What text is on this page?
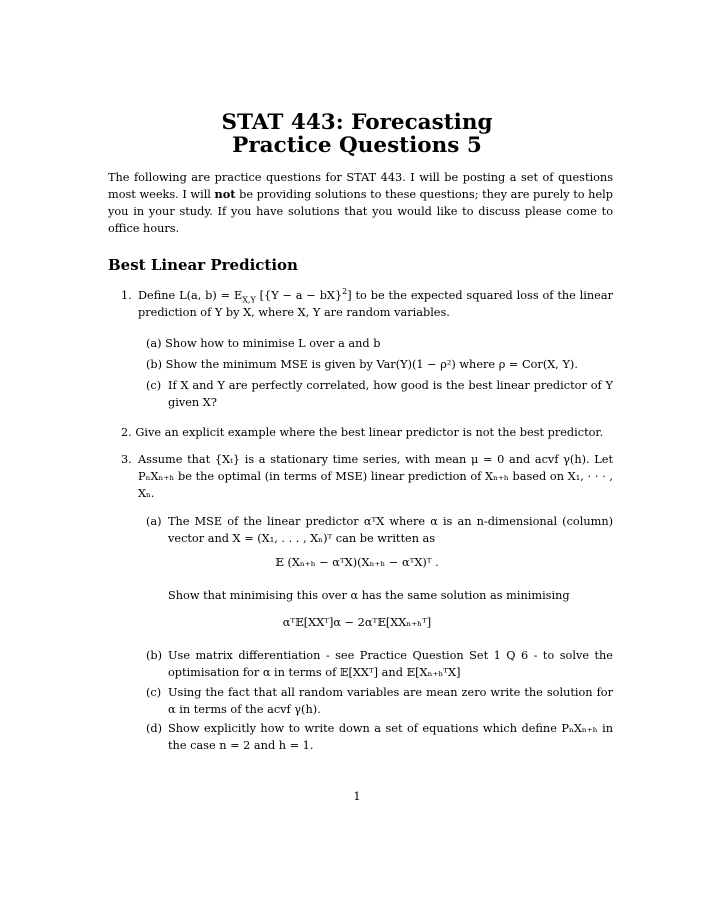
STAT 443: Forecasting
Practice Questions 5
The following are practice questions for STAT 443. I will be posting a set of questions most weeks. I will not be providing solutions to these questions; they are purely to help you in your study. If you have solutions that you would like to discuss please come to office hours.
Best Linear Prediction
1. Define L(a, $b) = E_{X,Y}$ [{Y − a − bX}$^2$] to be the expected squared loss of the linear prediction of Y by X, where X, Y are random variables.
(a) Show how to minimise L over a and b
(b) Show the minimum MSE is given by Var(Y)(1 − ρ²) where ρ = Cor(X, Y).
(c) If X and Y are perfectly correlated, how good is the best linear predictor of Y given X?
2. Give an explicit example where the best linear predictor is not the best predictor.
3. Assume that {Xₜ} is a stationary time series, with mean μ = 0 and acvf γ(h). Let PₙXₙ₊ₕ be the optimal (in terms of MSE) linear prediction of Xₙ₊ₕ based on X₁, · · · , Xₙ.
(a) The MSE of the linear predictor αᵀX where α is an n-dimensional (column) vector and X = (X₁, . . . , Xₙ)ᵀ can be written as
𝔼 (Xₙ₊ₕ − αᵀX)(Xₙ₊ₕ − αᵀX)ᵀ .
Show that minimising this over α has the same solution as minimising
αᵀ𝔼[XXᵀ]α − 2αᵀ𝔼[XXₙ₊ₕᵀ]
(b) Use matrix differentiation - see Practice Question Set 1 Q 6 - to solve the optimisation for α in terms of 𝔼[XXᵀ] and 𝔼[Xₙ₊ₕᵀX]
(c) Using the fact that all random variables are mean zero write the solution for α in terms of the acvf γ(h).
(d) Show explicitly how to write down a set of equations which define PₙXₙ₊ₕ in the case n = 2 and h = 1.
1
